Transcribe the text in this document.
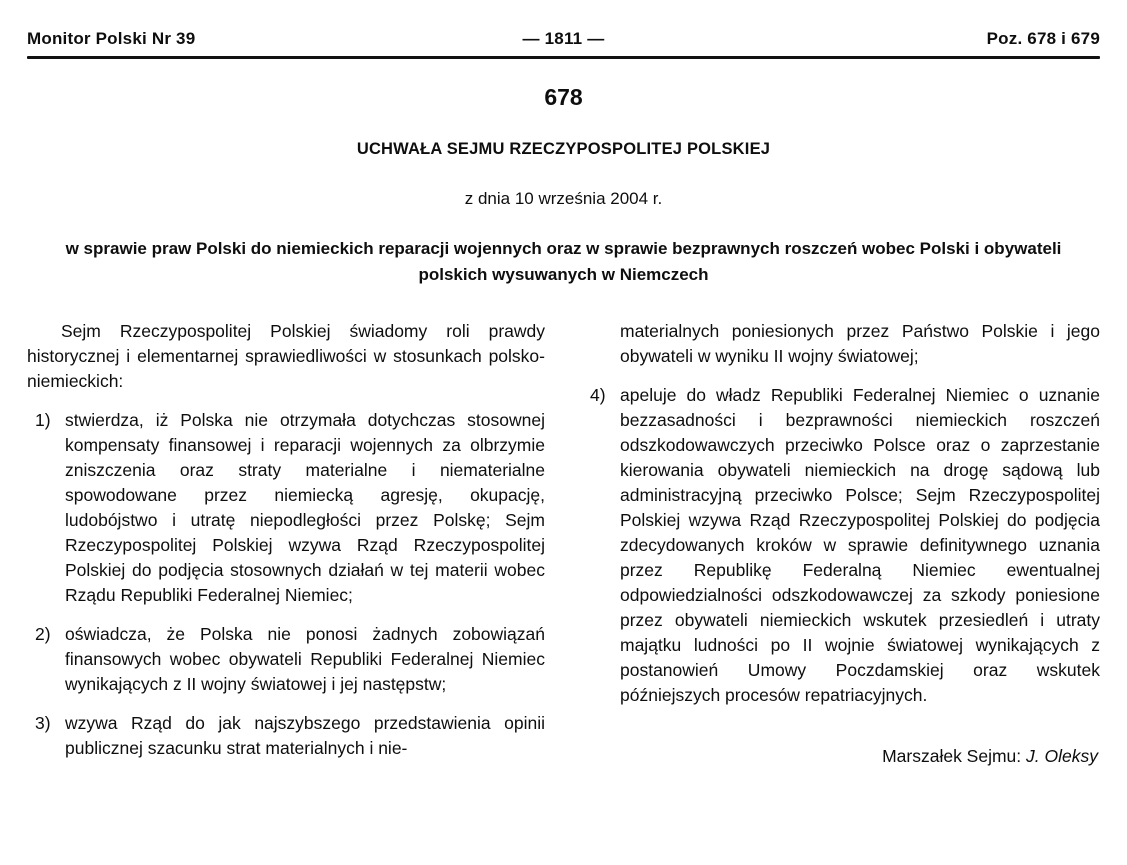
Monitor Polski Nr 39	— 1811 —	Poz. 678 i 679
678
UCHWAŁA SEJMU RZECZYPOSPOLITEJ POLSKIEJ
z dnia 10 września 2004 r.
w sprawie praw Polski do niemieckich reparacji wojennych oraz w sprawie bezprawnych roszczeń wobec Polski i obywateli polskich wysuwanych w Niemczech

Sejm Rzeczypospolitej Polskiej świadomy roli prawdy historycznej i elementarnej sprawiedliwości w stosunkach polsko-niemieckich:

1) stwierdza, iż Polska nie otrzymała dotychczas stosownej kompensaty finansowej i reparacji wojennych za olbrzymie zniszczenia oraz straty materialne i niematerialne spowodowane przez niemiecką agresję, okupację, ludobójstwo i utratę niepodległości przez Polskę; Sejm Rzeczypospolitej Polskiej wzywa Rząd Rzeczypospolitej Polskiej do podjęcia stosownych działań w tej materii wobec Rządu Republiki Federalnej Niemiec;
2) oświadcza, że Polska nie ponosi żadnych zobowiązań finansowych wobec obywateli Republiki Federalnej Niemiec wynikających z II wojny światowej i jej następstw;
3) wzywa Rząd do jak najszybszego przedstawienia opinii publicznej szacunku strat materialnych i nie-

materialnych poniesionych przez Państwo Polskie i jego obywateli w wyniku II wojny światowej;

4) apeluje do władz Republiki Federalnej Niemiec o uznanie bezzasadności i bezprawności niemieckich roszczeń odszkodowawczych przeciwko Polsce oraz o zaprzestanie kierowania obywateli niemieckich na drogę sądową lub administracyjną przeciwko Polsce; Sejm Rzeczypospolitej Polskiej wzywa Rząd Rzeczypospolitej Polskiej do podjęcia zdecydowanych kroków w sprawie definitywnego uznania przez Republikę Federalną Niemiec ewentualnej odpowiedzialności odszkodowawczej za szkody poniesione przez obywateli niemieckich wskutek przesiedleń i utraty majątku ludności po II wojnie światowej wynikających z postanowień Umowy Poczdamskiej oraz wskutek późniejszych procesów repatriacyjnych.
Marszałek Sejmu: J. Oleksy
